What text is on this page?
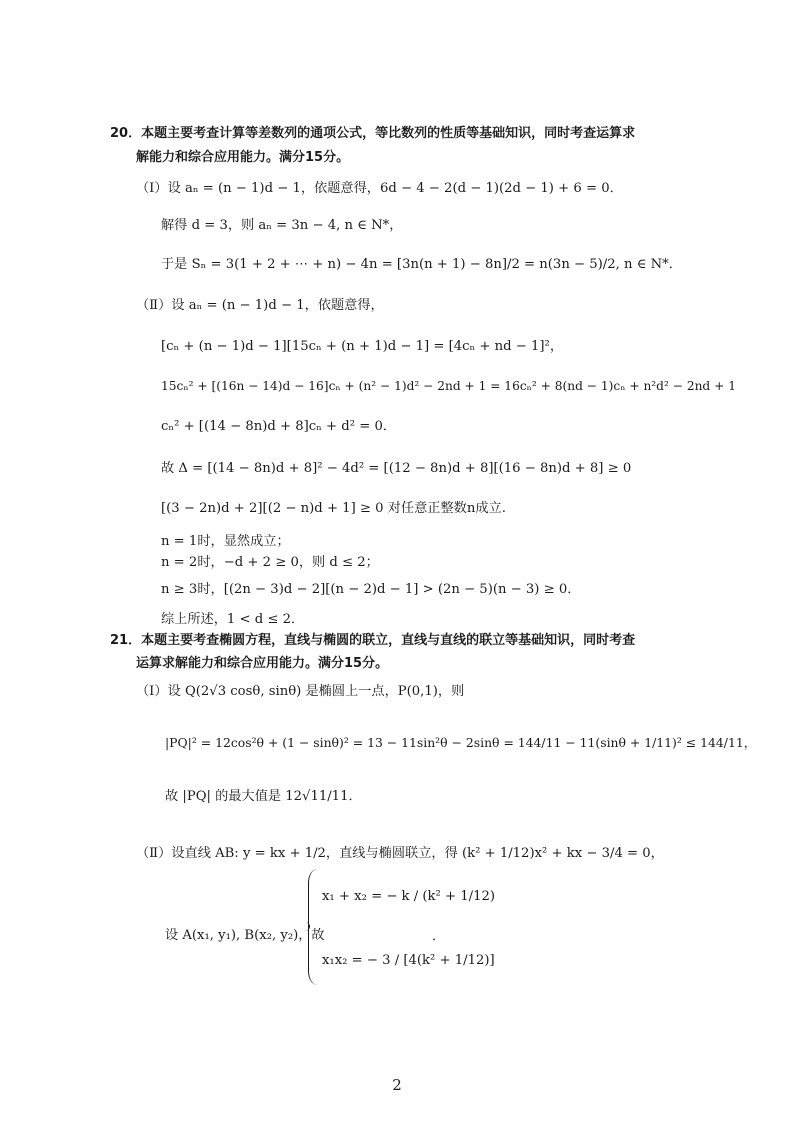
20．本题主要考查计算等差数列的通项公式，等比数列的性质等基础知识，同时考查运算求
解能力和综合应用能力。满分15分。
（Ⅰ）设 aₙ = (n − 1)d − 1，依题意得，6d − 4 − 2(d − 1)(2d − 1) + 6 = 0．
解得 d = 3，则 aₙ = 3n − 4, n ∈ N*，
于是 Sₙ = 3(1 + 2 + ⋯ + n) − 4n = [3n(n + 1) − 8n]/2 = n(3n − 5)/2, n ∈ N*．
（Ⅱ）设 aₙ = (n − 1)d − 1，依题意得，
[cₙ + (n − 1)d − 1][15cₙ + (n + 1)d − 1] = [4cₙ + nd − 1]²，
15cₙ² + [(16n − 14)d − 16]cₙ + (n² − 1)d² − 2nd + 1 = 16cₙ² + 8(nd − 1)cₙ + n²d² − 2nd + 1
cₙ² + [(14 − 8n)d + 8]cₙ + d² = 0．
故 Δ = [(14 − 8n)d + 8]² − 4d² = [(12 − 8n)d + 8][(16 − 8n)d + 8] ≥ 0
[(3 − 2n)d + 2][(2 − n)d + 1] ≥ 0 对任意正整数n成立.
n = 1时，显然成立；
n = 2时，−d + 2 ≥ 0，则 d ≤ 2；
n ≥ 3时，[(2n − 3)d − 2][(n − 2)d − 1] > (2n − 5)(n − 3) ≥ 0．
综上所述，1 < d ≤ 2．
21．本题主要考查椭圆方程，直线与椭圆的联立，直线与直线的联立等基础知识，同时考查
运算求解能力和综合应用能力。满分15分。
（Ⅰ）设 Q(2√3 cosθ, sinθ) 是椭圆上一点，P(0,1)，则
|PQ|² = 12cos²θ + (1 − sinθ)² = 13 − 11sin²θ − 2sinθ = 144/11 − 11(sinθ + 1/11)² ≤ 144/11，
故 |PQ| 的最大值是 12√11/11．
（Ⅱ）设直线 AB: y = kx + 1/2，直线与椭圆联立，得 (k² + 1/12)x² + kx − 3/4 = 0，
设 A(x₁, y₁), B(x₂, y₂)，故
x₁ + x₂ = − k / (k² + 1/12)
x₁x₂ = − 3 / [4(k² + 1/12)]
．
2
